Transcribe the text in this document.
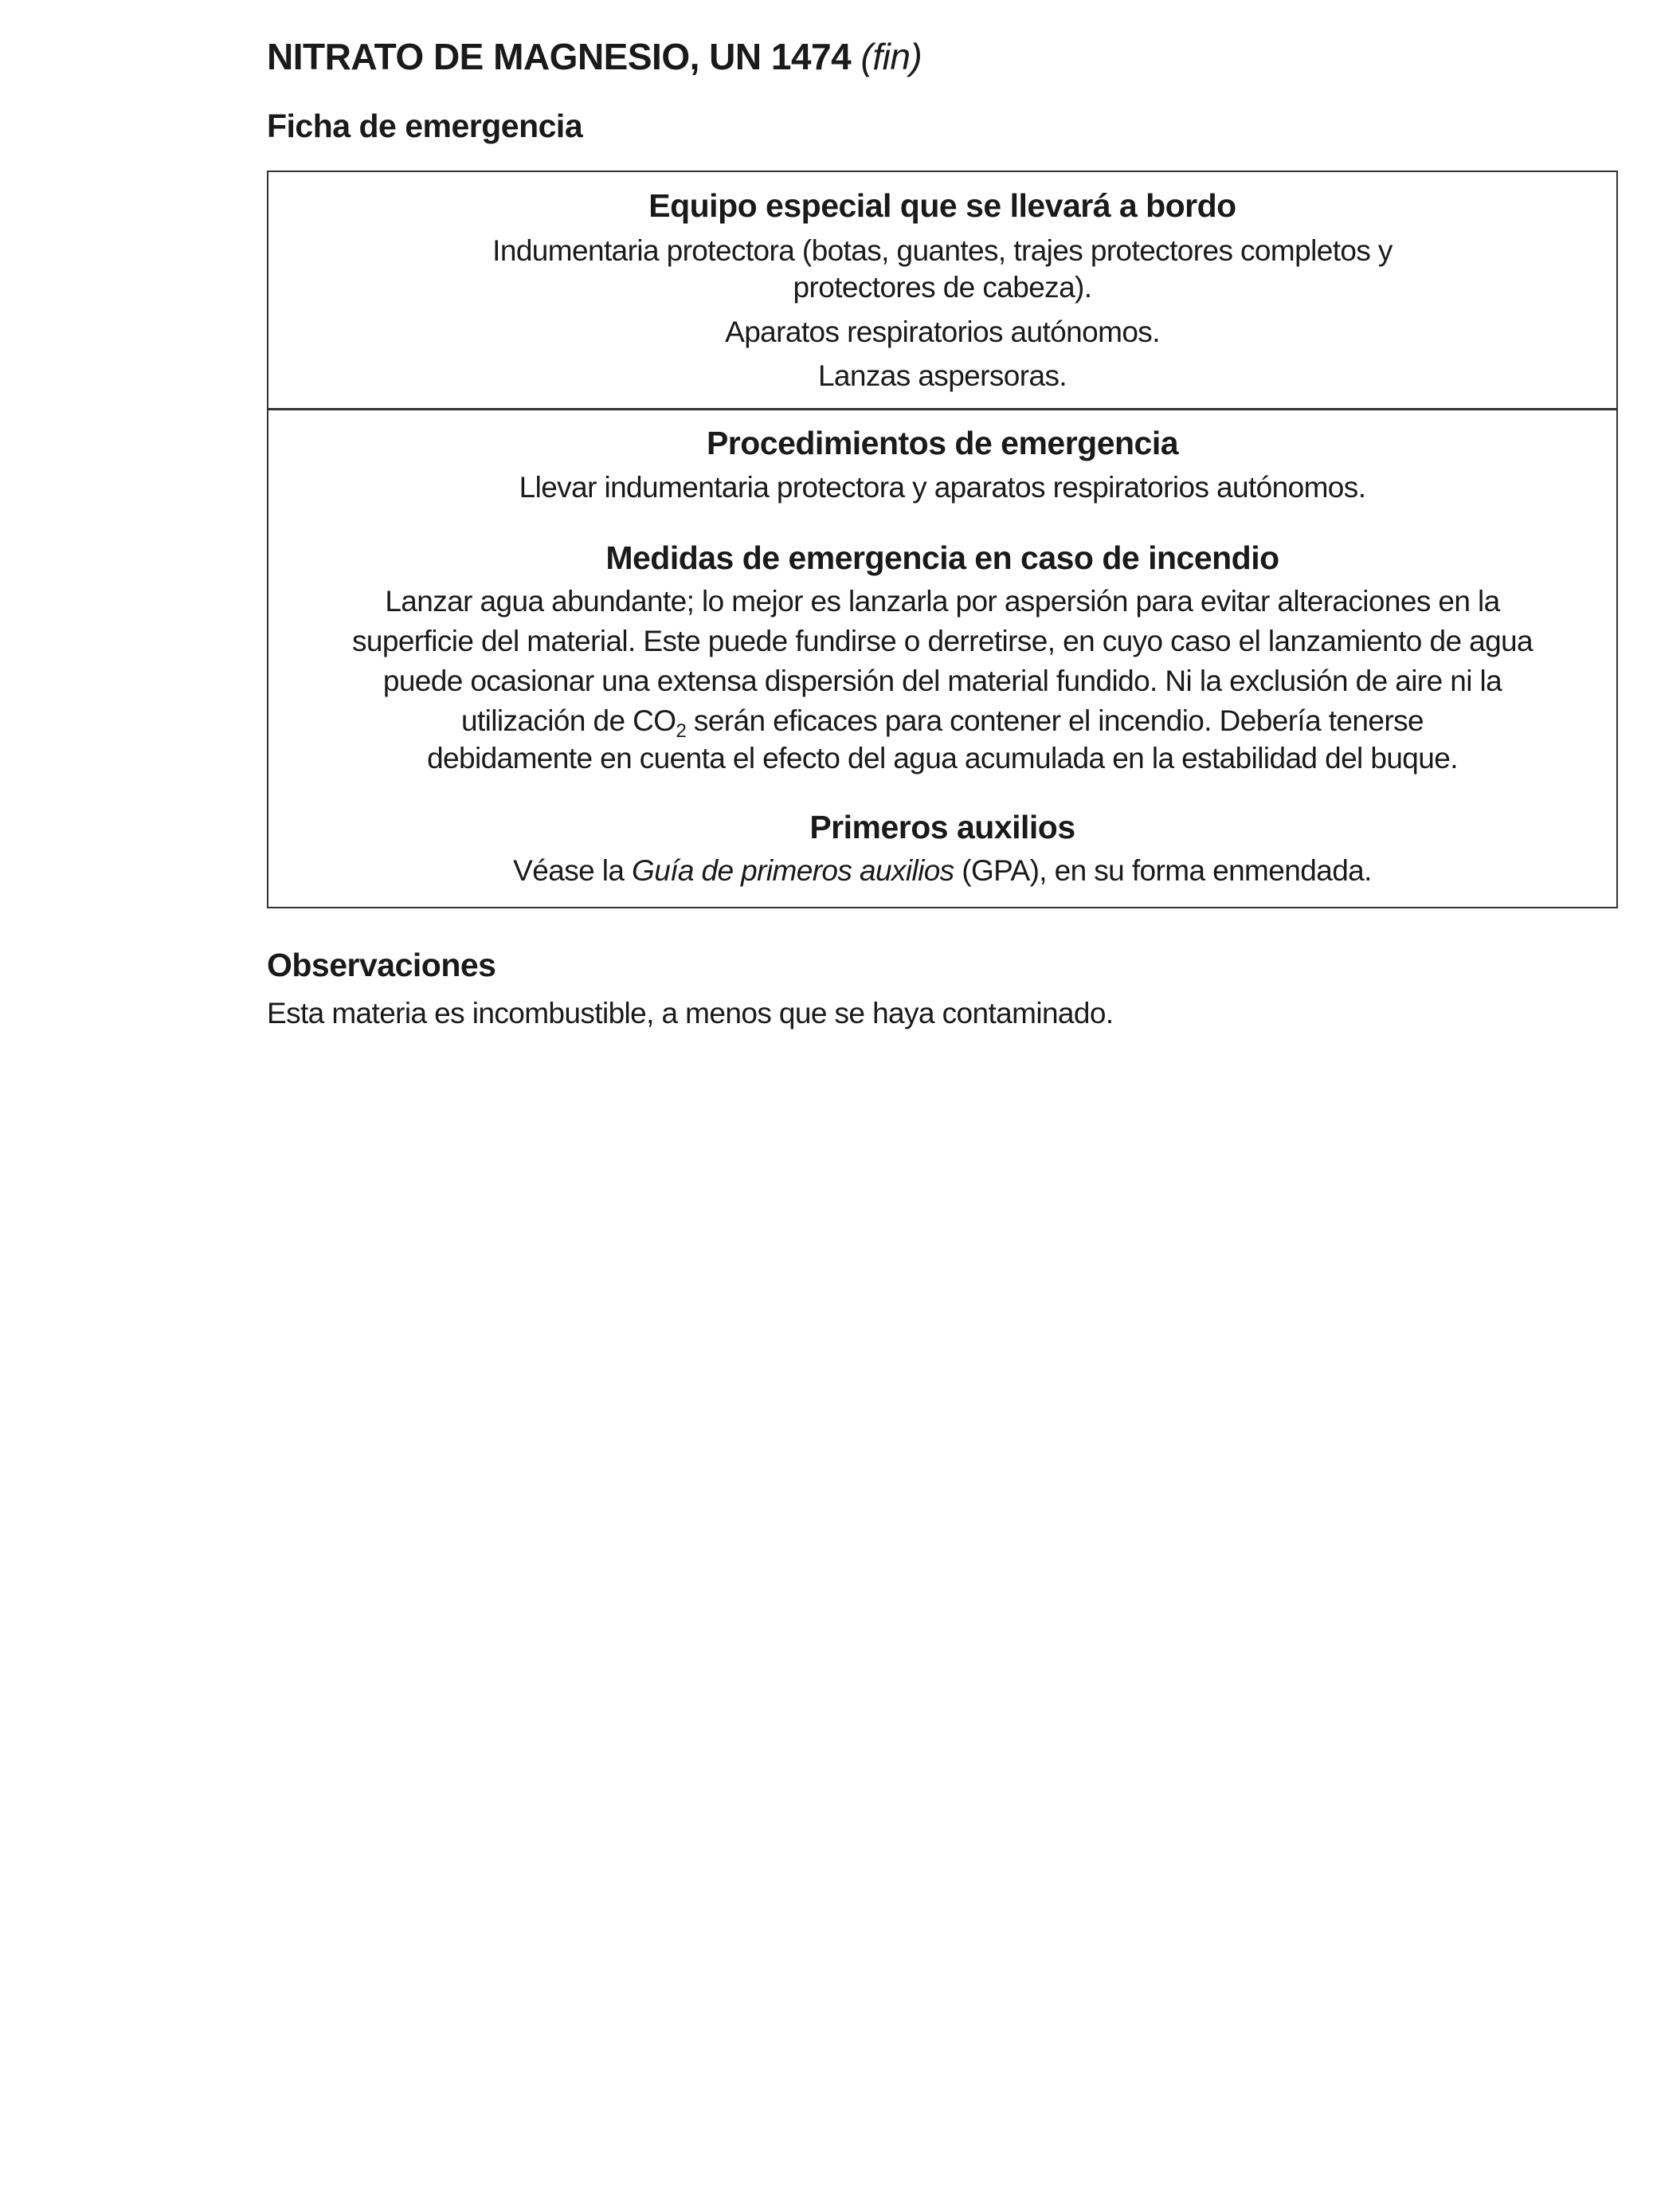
NITRATO DE MAGNESIO, UN 1474 (fin)
Ficha de emergencia
Equipo especial que se llevará a bordo
Indumentaria protectora (botas, guantes, trajes protectores completos y
protectores de cabeza).
Aparatos respiratorios autónomos.
Lanzas aspersoras.
Procedimientos de emergencia
Llevar indumentaria protectora y aparatos respiratorios autónomos.
Medidas de emergencia en caso de incendio
Lanzar agua abundante; lo mejor es lanzarla por aspersión para evitar alteraciones en la
superficie del material. Este puede fundirse o derretirse, en cuyo caso el lanzamiento de agua
puede ocasionar una extensa dispersión del material fundido. Ni la exclusión de aire ni la
utilización de $CO_2$ serán eficaces para contener el incendio. Debería tenerse
debidamente en cuenta el efecto del agua acumulada en la estabilidad del buque.
Primeros auxilios
Véase la Guía de primeros auxilios (GPA), en su forma enmendada.
Observaciones
Esta materia es incombustible, a menos que se haya contaminado.
